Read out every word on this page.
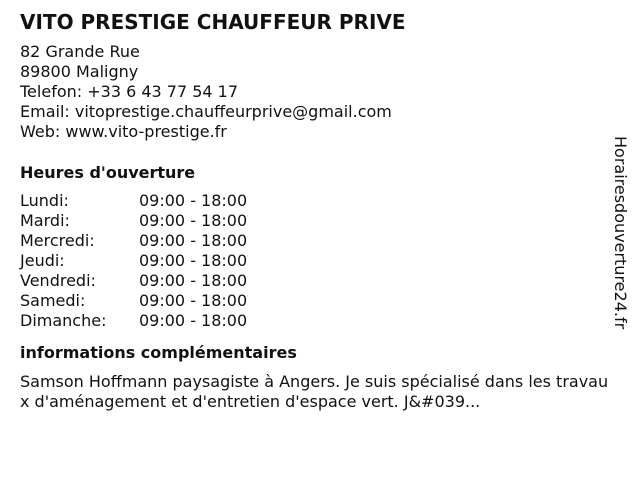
VITO PRESTIGE CHAUFFEUR PRIVE
82 Grande Rue
89800 Maligny
Telefon: +33 6 43 77 54 17
Email: vitoprestige.chauffeurprive@gmail.com
Web: www.vito-prestige.fr
Heures d'ouverture
Lundi:	09:00 - 18:00
Mardi:	09:00 - 18:00
Mercredi:	09:00 - 18:00
Jeudi:	09:00 - 18:00
Vendredi:	09:00 - 18:00
Samedi:	09:00 - 18:00
Dimanche:	09:00 - 18:00
informations complémentaires
Samson Hoffmann paysagiste à Angers. Je suis spécialisé dans les travaux d'aménagement et d'entretien d'espace vert. J&#039...
Horairesdouverture24.fr
